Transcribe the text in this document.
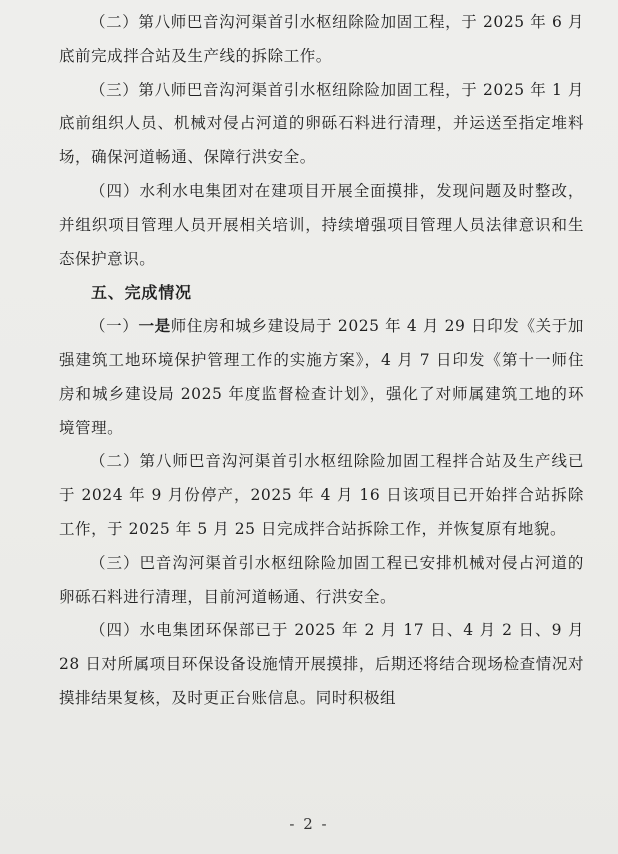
（二）第八师巴音沟河渠首引水枢纽除险加固工程，于 2025 年 6 月底前完成拌合站及生产线的拆除工作。

（三）第八师巴音沟河渠首引水枢纽除险加固工程，于 2025 年 1 月底前组织人员、机械对侵占河道的卵砾石料进行清理，并运送至指定堆料场，确保河道畅通、保障行洪安全。

（四）水利水电集团对在建项目开展全面摸排，发现问题及时整改，并组织项目管理人员开展相关培训，持续增强项目管理人员法律意识和生态保护意识。

五、完成情况

（一）一是师住房和城乡建设局于 2025 年 4 月 29 日印发《关于加强建筑工地环境保护管理工作的实施方案》，4 月 7 日印发《第十一师住房和城乡建设局 2025 年度监督检查计划》，强化了对师属建筑工地的环境管理。

（二）第八师巴音沟河渠首引水枢纽除险加固工程拌合站及生产线已于 2024 年 9 月份停产，2025 年 4 月 16 日该项目已开始拌合站拆除工作，于 2025 年 5 月 25 日完成拌合站拆除工作，并恢复原有地貌。

（三）巴音沟河渠首引水枢纽除险加固工程已安排机械对侵占河道的卵砾石料进行清理，目前河道畅通、行洪安全。

（四）水电集团环保部已于 2025 年 2 月 17 日、4 月 2 日、9 月 28 日对所属项目环保设备设施情开展摸排，后期还将结合现场检查情况对摸排结果复核，及时更正台账信息。同时积极组

- 2 -
